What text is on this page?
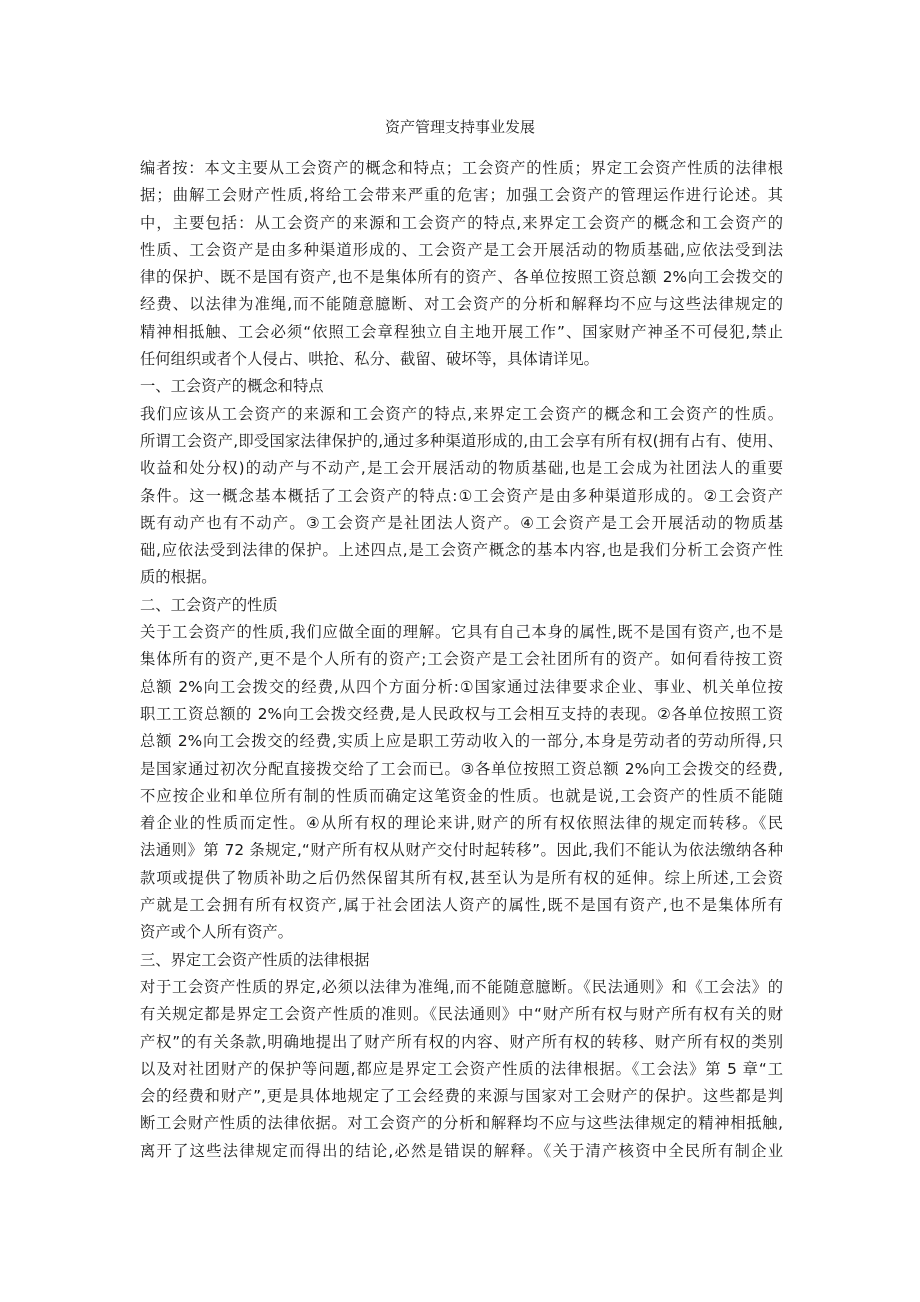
资产管理支持事业发展
编者按：本文主要从工会资产的概念和特点；工会资产的性质；界定工会资产性质的法律根
据；曲解工会财产性质,将给工会带来严重的危害；加强工会资产的管理运作进行论述。其
中，主要包括：从工会资产的来源和工会资产的特点,来界定工会资产的概念和工会资产的
性质、工会资产是由多种渠道形成的、工会资产是工会开展活动的物质基础,应依法受到法
律的保护、既不是国有资产,也不是集体所有的资产、各单位按照工资总额 2%向工会拨交的
经费、以法律为准绳,而不能随意臆断、对工会资产的分析和解释均不应与这些法律规定的
精神相抵触、工会必须“依照工会章程独立自主地开展工作”、国家财产神圣不可侵犯,禁止
任何组织或者个人侵占、哄抢、私分、截留、破坏等，具体请详见。
一、工会资产的概念和特点
我们应该从工会资产的来源和工会资产的特点,来界定工会资产的概念和工会资产的性质。
所谓工会资产,即受国家法律保护的,通过多种渠道形成的,由工会享有所有权(拥有占有、使用、
收益和处分权)的动产与不动产,是工会开展活动的物质基础,也是工会成为社团法人的重要
条件。这一概念基本概括了工会资产的特点:①工会资产是由多种渠道形成的。②工会资产
既有动产也有不动产。③工会资产是社团法人资产。④工会资产是工会开展活动的物质基
础,应依法受到法律的保护。上述四点,是工会资产概念的基本内容,也是我们分析工会资产性
质的根据。
二、工会资产的性质
关于工会资产的性质,我们应做全面的理解。它具有自己本身的属性,既不是国有资产,也不是
集体所有的资产,更不是个人所有的资产;工会资产是工会社团所有的资产。如何看待按工资
总额 2%向工会拨交的经费,从四个方面分析:①国家通过法律要求企业、事业、机关单位按
职工工资总额的 2%向工会拨交经费,是人民政权与工会相互支持的表现。②各单位按照工资
总额 2%向工会拨交的经费,实质上应是职工劳动收入的一部分,本身是劳动者的劳动所得,只
是国家通过初次分配直接拨交给了工会而已。③各单位按照工资总额 2%向工会拨交的经费,
不应按企业和单位所有制的性质而确定这笔资金的性质。也就是说,工会资产的性质不能随
着企业的性质而定性。④从所有权的理论来讲,财产的所有权依照法律的规定而转移。《民
法通则》第 72 条规定,“财产所有权从财产交付时起转移”。因此,我们不能认为依法缴纳各种
款项或提供了物质补助之后仍然保留其所有权,甚至认为是所有权的延伸。综上所述,工会资
产就是工会拥有所有权资产,属于社会团法人资产的属性,既不是国有资产,也不是集体所有
资产或个人所有资产。
三、界定工会资产性质的法律根据
对于工会资产性质的界定,必须以法律为准绳,而不能随意臆断。《民法通则》和《工会法》的
有关规定都是界定工会资产性质的准则。《民法通则》中“财产所有权与财产所有权有关的财
产权”的有关条款,明确地提出了财产所有权的内容、财产所有权的转移、财产所有权的类别
以及对社团财产的保护等问题,都应是界定工会资产性质的法律根据。《工会法》第 5 章“工
会的经费和财产”,更是具体地规定了工会经费的来源与国家对工会财产的保护。这些都是判
断工会财产性质的法律依据。对工会资产的分析和解释均不应与这些法律规定的精神相抵触,
离开了这些法律规定而得出的结论,必然是错误的解释。《关于清产核资中全民所有制企业
